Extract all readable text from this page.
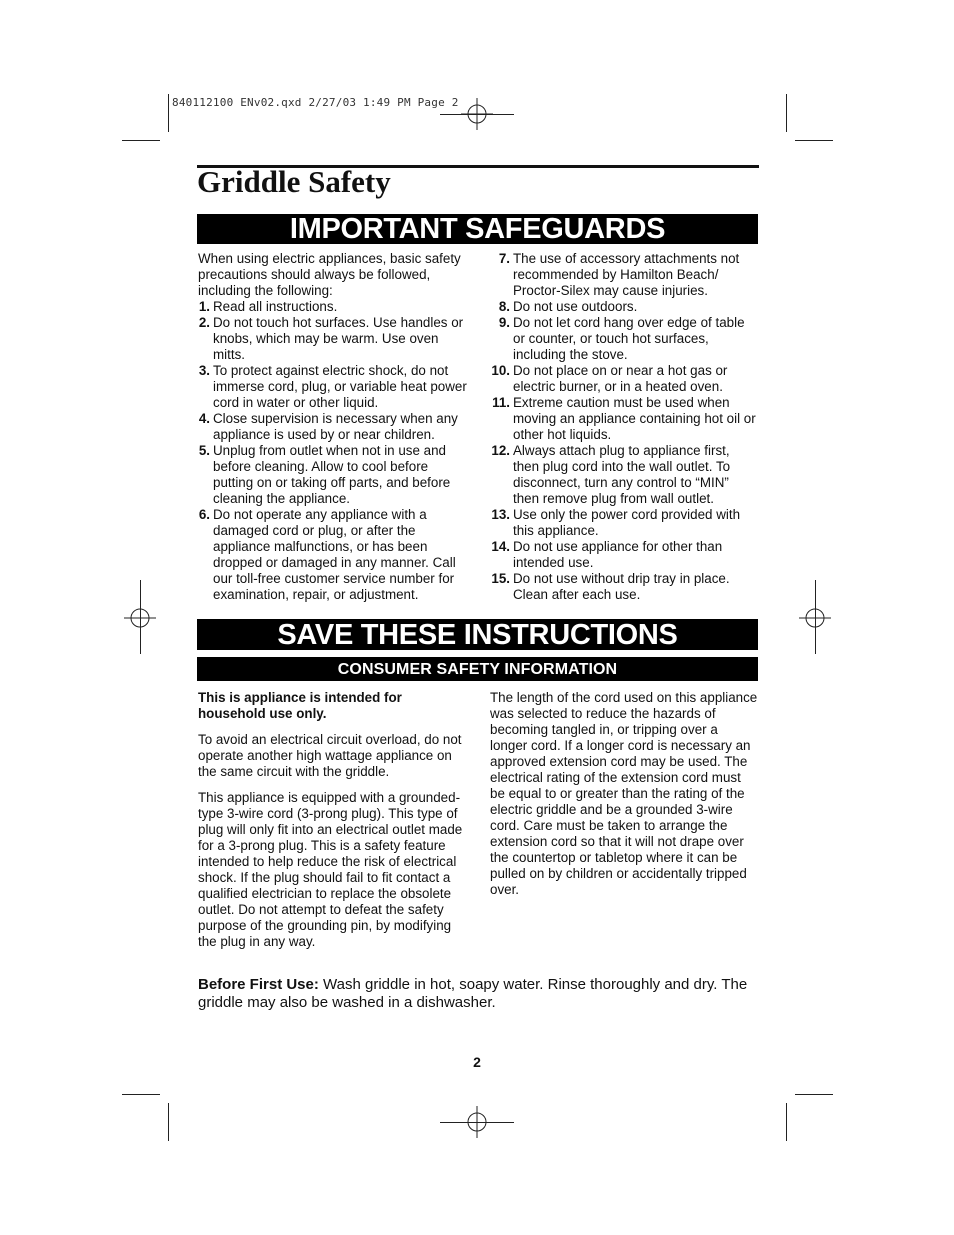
840112100 ENv02.qxd 2/27/03 1:49 PM Page 2
Griddle Safety
IMPORTANT SAFEGUARDS

When using electric appliances, basic safety precautions should always be followed, including the following:

1. Read all instructions.
2. Do not touch hot surfaces. Use handles or knobs, which may be warm. Use oven mitts.
3. To protect against electric shock, do not immerse cord, plug, or variable heat power cord in water or other liquid.
4. Close supervision is necessary when any appliance is used by or near children.
5. Unplug from outlet when not in use and before cleaning. Allow to cool before putting on or taking off parts, and before cleaning the appliance.
6. Do not operate any appliance with a damaged cord or plug, or after the appliance malfunctions, or has been dropped or damaged in any manner. Call our toll-free customer service number for examination, repair, or adjustment.
7. The use of accessory attachments not recommended by Hamilton Beach/ Proctor-Silex may cause injuries.
8. Do not use outdoors.
9. Do not let cord hang over edge of table or counter, or touch hot surfaces, including the stove.
10. Do not place on or near a hot gas or electric burner, or in a heated oven.
11. Extreme caution must be used when moving an appliance containing hot oil or other hot liquids.
12. Always attach plug to appliance first, then plug cord into the wall outlet. To disconnect, turn any control to “MIN” then remove plug from wall outlet.
13. Use only the power cord provided with this appliance.
14. Do not use appliance for other than intended use.
15. Do not use without drip tray in place. Clean after each use.
SAVE THESE INSTRUCTIONS
CONSUMER SAFETY INFORMATION

This is appliance is intended for household use only.

To avoid an electrical circuit overload, do not operate another high wattage appliance on the same circuit with the griddle.

This appliance is equipped with a grounded-type 3-wire cord (3-prong plug). This type of plug will only fit into an electrical outlet made for a 3-prong plug. This is a safety feature intended to help reduce the risk of electrical shock. If the plug should fail to fit contact a qualified electrician to replace the obsolete outlet. Do not attempt to defeat the safety purpose of the grounding pin, by modifying the plug in any way.

The length of the cord used on this appliance was selected to reduce the hazards of becoming tangled in, or tripping over a longer cord. If a longer cord is necessary an approved extension cord may be used. The electrical rating of the extension cord must be equal to or greater than the rating of the electric griddle and be a grounded 3-wire cord. Care must be taken to arrange the extension cord so that it will not drape over the countertop or tabletop where it can be pulled on by children or accidentally tripped over.

Before First Use: Wash griddle in hot, soapy water. Rinse thoroughly and dry. The griddle may also be washed in a dishwasher.
2
